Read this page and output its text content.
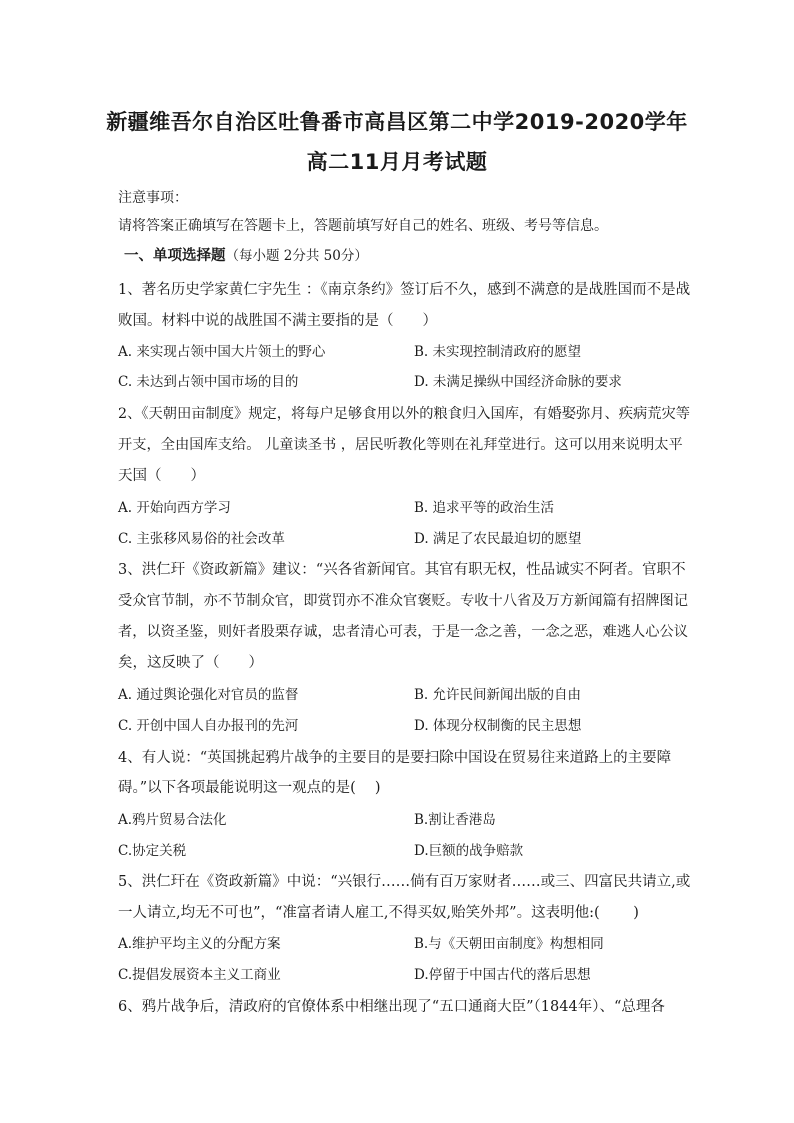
新疆维吾尔自治区吐鲁番市高昌区第二中学2019-2020学年
高二11月月考试题
注意事项：
请将答案正确填写在答题卡上，答题前填写好自己的姓名、班级、考号等信息。
一、单项选择题（每小题 2分共 50分）
1、著名历史学家黄仁宇先生 ：《南京条约》签订后不久，感到不满意的是战胜国而不是战
败国。材料中说的战胜国不满主要指的是（　　）
A. 来实现占领中国大片领土的野心	B. 未实现控制清政府的愿望
C. 未达到占领中国市场的目的	D. 未满足操纵中国经济命脉的要求
2、《天朝田亩制度》规定，将每户足够食用以外的粮食归入国库，有婚娶弥月、疾病荒灾等
开支，全由国库支给。 儿童读圣书 ，居民听教化等则在礼拜堂进行。这可以用来说明太平
天国（　　）
A. 开始向西方学习	B. 追求平等的政治生活
C. 主张移风易俗的社会改革	D. 满足了农民最迫切的愿望
3、洪仁玕《资政新篇》建议：“兴各省新闻官。其官有职无权，性品诚实不阿者。官职不
受众官节制，亦不节制众官，即赏罚亦不准众官褒贬。专收十八省及万方新闻篇有招牌图记
者，以资圣鉴，则奸者股栗存诚，忠者清心可表，于是一念之善，一念之恶，难逃人心公议
矣，这反映了（　　）
A. 通过舆论强化对官员的监督	B. 允许民间新闻出版的自由
C. 开创中国人自办报刊的先河	D. 体现分权制衡的民主思想
4、有人说：“英国挑起鸦片战争的主要目的是要扫除中国设在贸易往来道路上的主要障
碍。”以下各项最能说明这一观点的是(　 )
A.鸦片贸易合法化	B.割让香港岛
C.协定关税	D.巨额的战争赔款
5、洪仁玕在《资政新篇》中说：“兴银行……倘有百万家财者……或三、四富民共请立,或
一人请立,均无不可也”，“准富者请人雇工,不得买奴,贻笑外邦”。这表明他:(　　 )
A.维护平均主义的分配方案	B.与《天朝田亩制度》构想相同
C.提倡发展资本主义工商业	D.停留于中国古代的落后思想
6、鸦片战争后，清政府的官僚体系中相继出现了“五口通商大臣”（1844年）、“总理各
